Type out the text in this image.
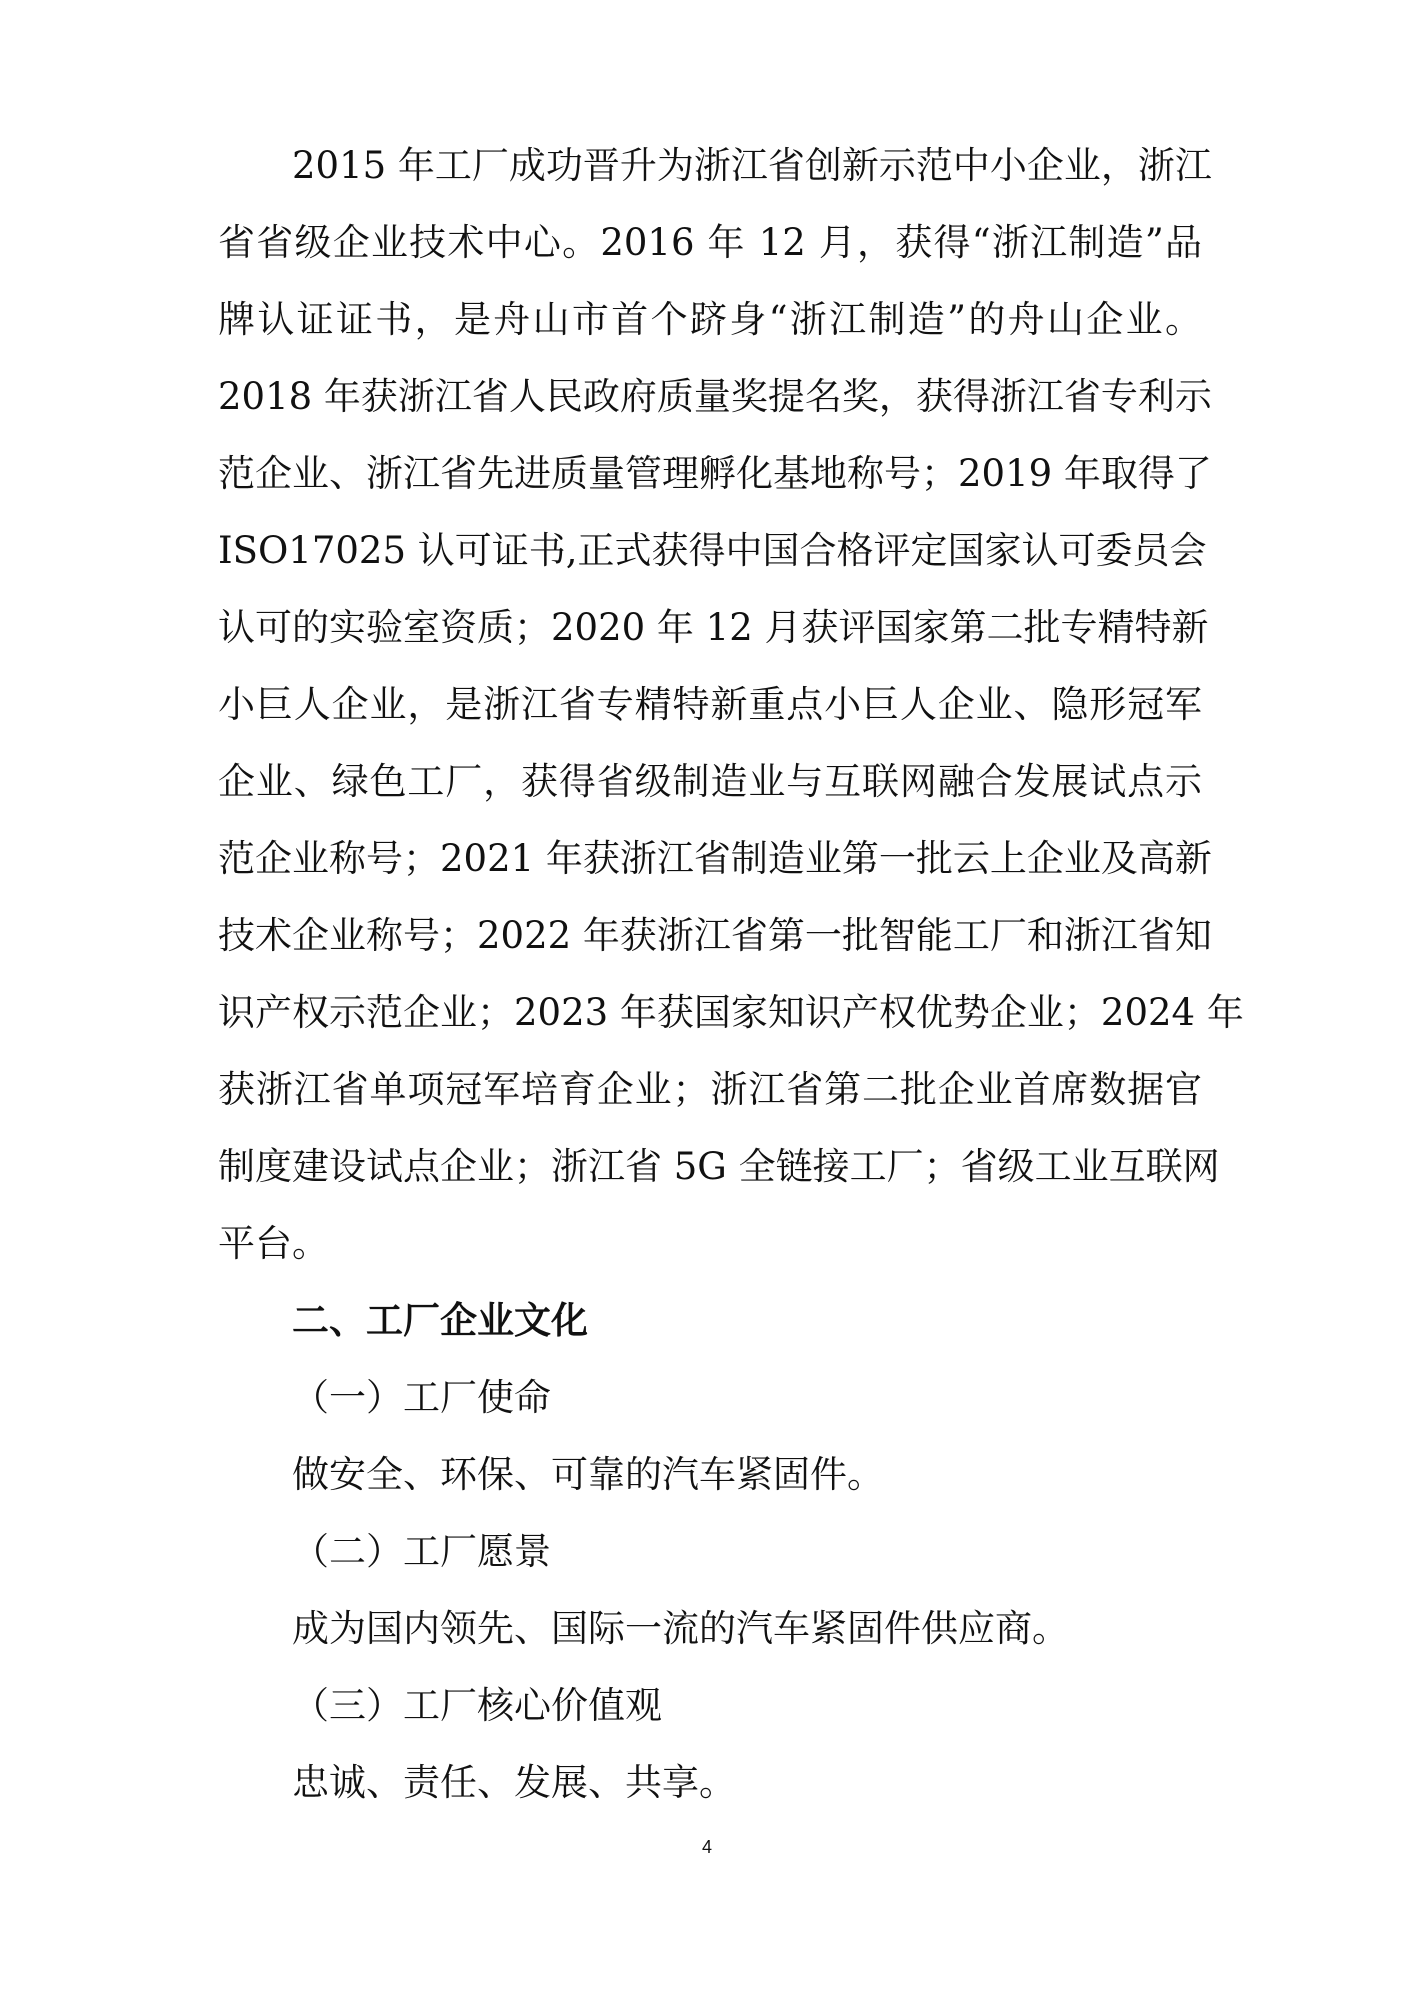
2015 年工厂成功晋升为浙江省创新示范中小企业，浙江
省省级企业技术中心。2016 年 12 月，获得“浙江制造”品
牌认证证书，是舟山市首个跻身“浙江制造”的舟山企业。
2018 年获浙江省人民政府质量奖提名奖，获得浙江省专利示
范企业、浙江省先进质量管理孵化基地称号；2019 年取得了
ISO17025 认可证书,正式获得中国合格评定国家认可委员会
认可的实验室资质；2020 年 12 月获评国家第二批专精特新
小巨人企业，是浙江省专精特新重点小巨人企业、隐形冠军
企业、绿色工厂，获得省级制造业与互联网融合发展试点示
范企业称号；2021 年获浙江省制造业第一批云上企业及高新
技术企业称号；2022 年获浙江省第一批智能工厂和浙江省知
识产权示范企业；2023 年获国家知识产权优势企业；2024 年
获浙江省单项冠军培育企业；浙江省第二批企业首席数据官
制度建设试点企业；浙江省 5G 全链接工厂；省级工业互联网
平台。
二、工厂企业文化
（一）工厂使命
做安全、环保、可靠的汽车紧固件。
（二）工厂愿景
成为国内领先、国际一流的汽车紧固件供应商。
（三）工厂核心价值观
忠诚、责任、发展、共享。
4
